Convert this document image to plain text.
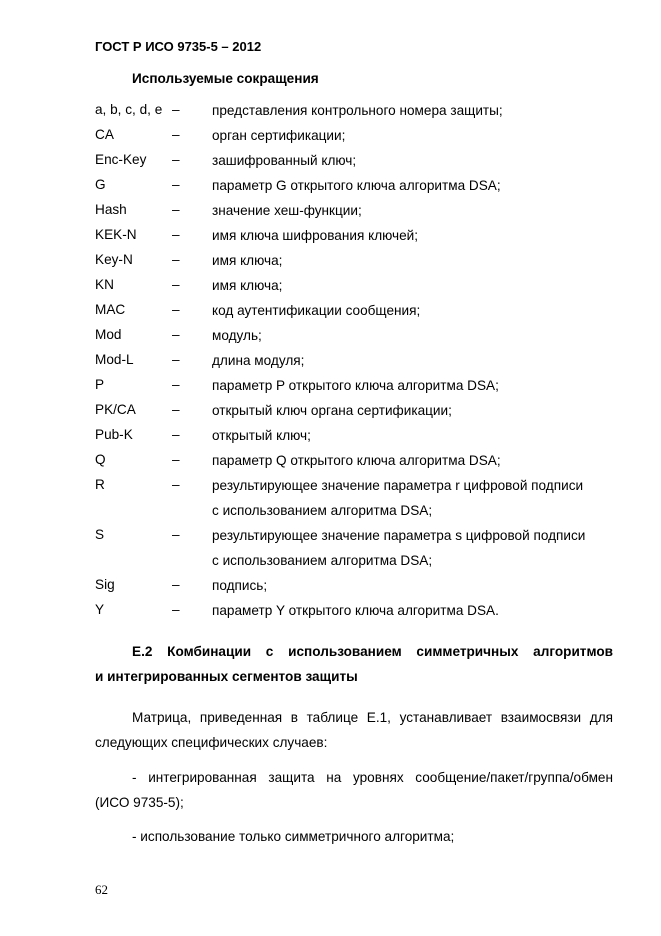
ГОСТ Р ИСО 9735-5 – 2012
Используемые сокращения
a, b, c, d, e – представления контрольного номера защиты;
CA	– орган сертификации;
Enc-Key – зашифрованный ключ;
G	– параметр G открытого ключа алгоритма DSA;
Hash	– значение хеш-функции;
KEK-N	– имя ключа шифрования ключей;
Key-N	– имя ключа;
KN	– имя ключа;
MAC	– код аутентификации сообщения;
Mod	– модуль;
Mod-L	– длина модуля;
P	– параметр P открытого ключа алгоритма DSA;
PK/CA	– открытый ключ органа сертификации;
Pub-K	– открытый ключ;
Q	– параметр Q открытого ключа алгоритма DSA;
R	– результирующее значение параметра r цифровой подписи
с использованием алгоритма DSA;
S	– результирующее значение параметра s цифровой подписи
с использованием алгоритма DSA;
Sig	– подпись;
Y	– параметр Y открытого ключа алгоритма DSA.
Е.2 Комбинации с использованием симметричных алгоритмов
и интегрированных сегментов защиты
Матрица, приведенная в таблице Е.1, устанавливает взаимосвязи для
следующих специфических случаев:
- интегрированная защита на уровнях сообщение/пакет/группа/обмен
(ИСО 9735-5);
- использование только симметричного алгоритма;
62
